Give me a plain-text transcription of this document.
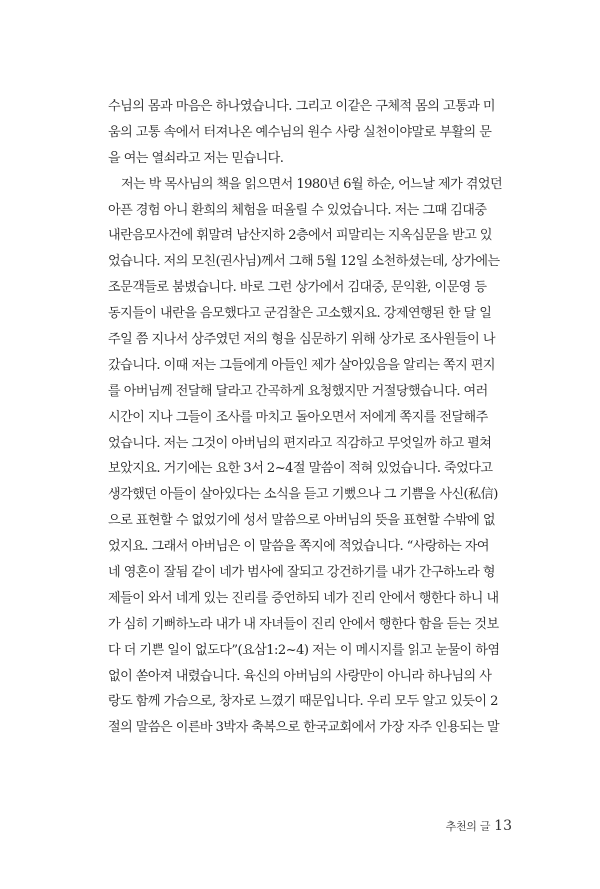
수님의 몸과 마음은 하나였습니다. 그리고 이같은 구체적 몸의 고통과 미
움의 고통 속에서 터져나온 예수님의 원수 사랑 실천이야말로 부활의 문
을 여는 열쇠라고 저는 믿습니다.
저는 박 목사님의 책을 읽으면서 1980년 6월 하순, 어느날 제가 겪었던
아픈 경험 아니 환희의 체험을 떠올릴 수 있었습니다. 저는 그때 김대중
내란음모사건에 휘말려 남산지하 2층에서 피말리는 지옥심문을 받고 있
었습니다. 저의 모친(권사님)께서 그해 5월 12일 소천하셨는데, 상가에는
조문객들로 붐볐습니다. 바로 그런 상가에서 김대중, 문익환, 이문영 등
동지들이 내란을 음모했다고 군검찰은 고소했지요. 강제연행된 한 달 일
주일 쯤 지나서 상주였던 저의 형을 심문하기 위해 상가로 조사원들이 나
갔습니다. 이때 저는 그들에게 아들인 제가 살아있음을 알리는 쪽지 편지
를 아버님께 전달해 달라고 간곡하게 요청했지만 거절당했습니다. 여러
시간이 지나 그들이 조사를 마치고 돌아오면서 저에게 쪽지를 전달해주
었습니다. 저는 그것이 아버님의 편지라고 직감하고 무엇일까 하고 펼쳐
보았지요. 거기에는 요한 3서 2~4절 말씀이 적혀 있었습니다. 죽었다고
생각했던 아들이 살아있다는 소식을 듣고 기뻤으나 그 기쁨을 사신(私信)
으로 표현할 수 없었기에 성서 말씀으로 아버님의 뜻을 표현할 수밖에 없
었지요. 그래서 아버님은 이 말씀을 쪽지에 적었습니다. “사랑하는 자여
네 영혼이 잘됨 같이 네가 범사에 잘되고 강건하기를 내가 간구하노라 형
제들이 와서 네게 있는 진리를 증언하되 네가 진리 안에서 행한다 하니 내
가 심히 기뻐하노라 내가 내 자녀들이 진리 안에서 행한다 함을 듣는 것보
다 더 기쁜 일이 없도다”(요삼1:2~4) 저는 이 메시지를 읽고 눈물이 하염
없이 쏟아져 내렸습니다. 육신의 아버님의 사랑만이 아니라 하나님의 사
랑도 함께 가슴으로, 창자로 느꼈기 때문입니다. 우리 모두 알고 있듯이 2
절의 말씀은 이른바 3박자 축복으로 한국교회에서 가장 자주 인용되는 말
추천의 글 13
